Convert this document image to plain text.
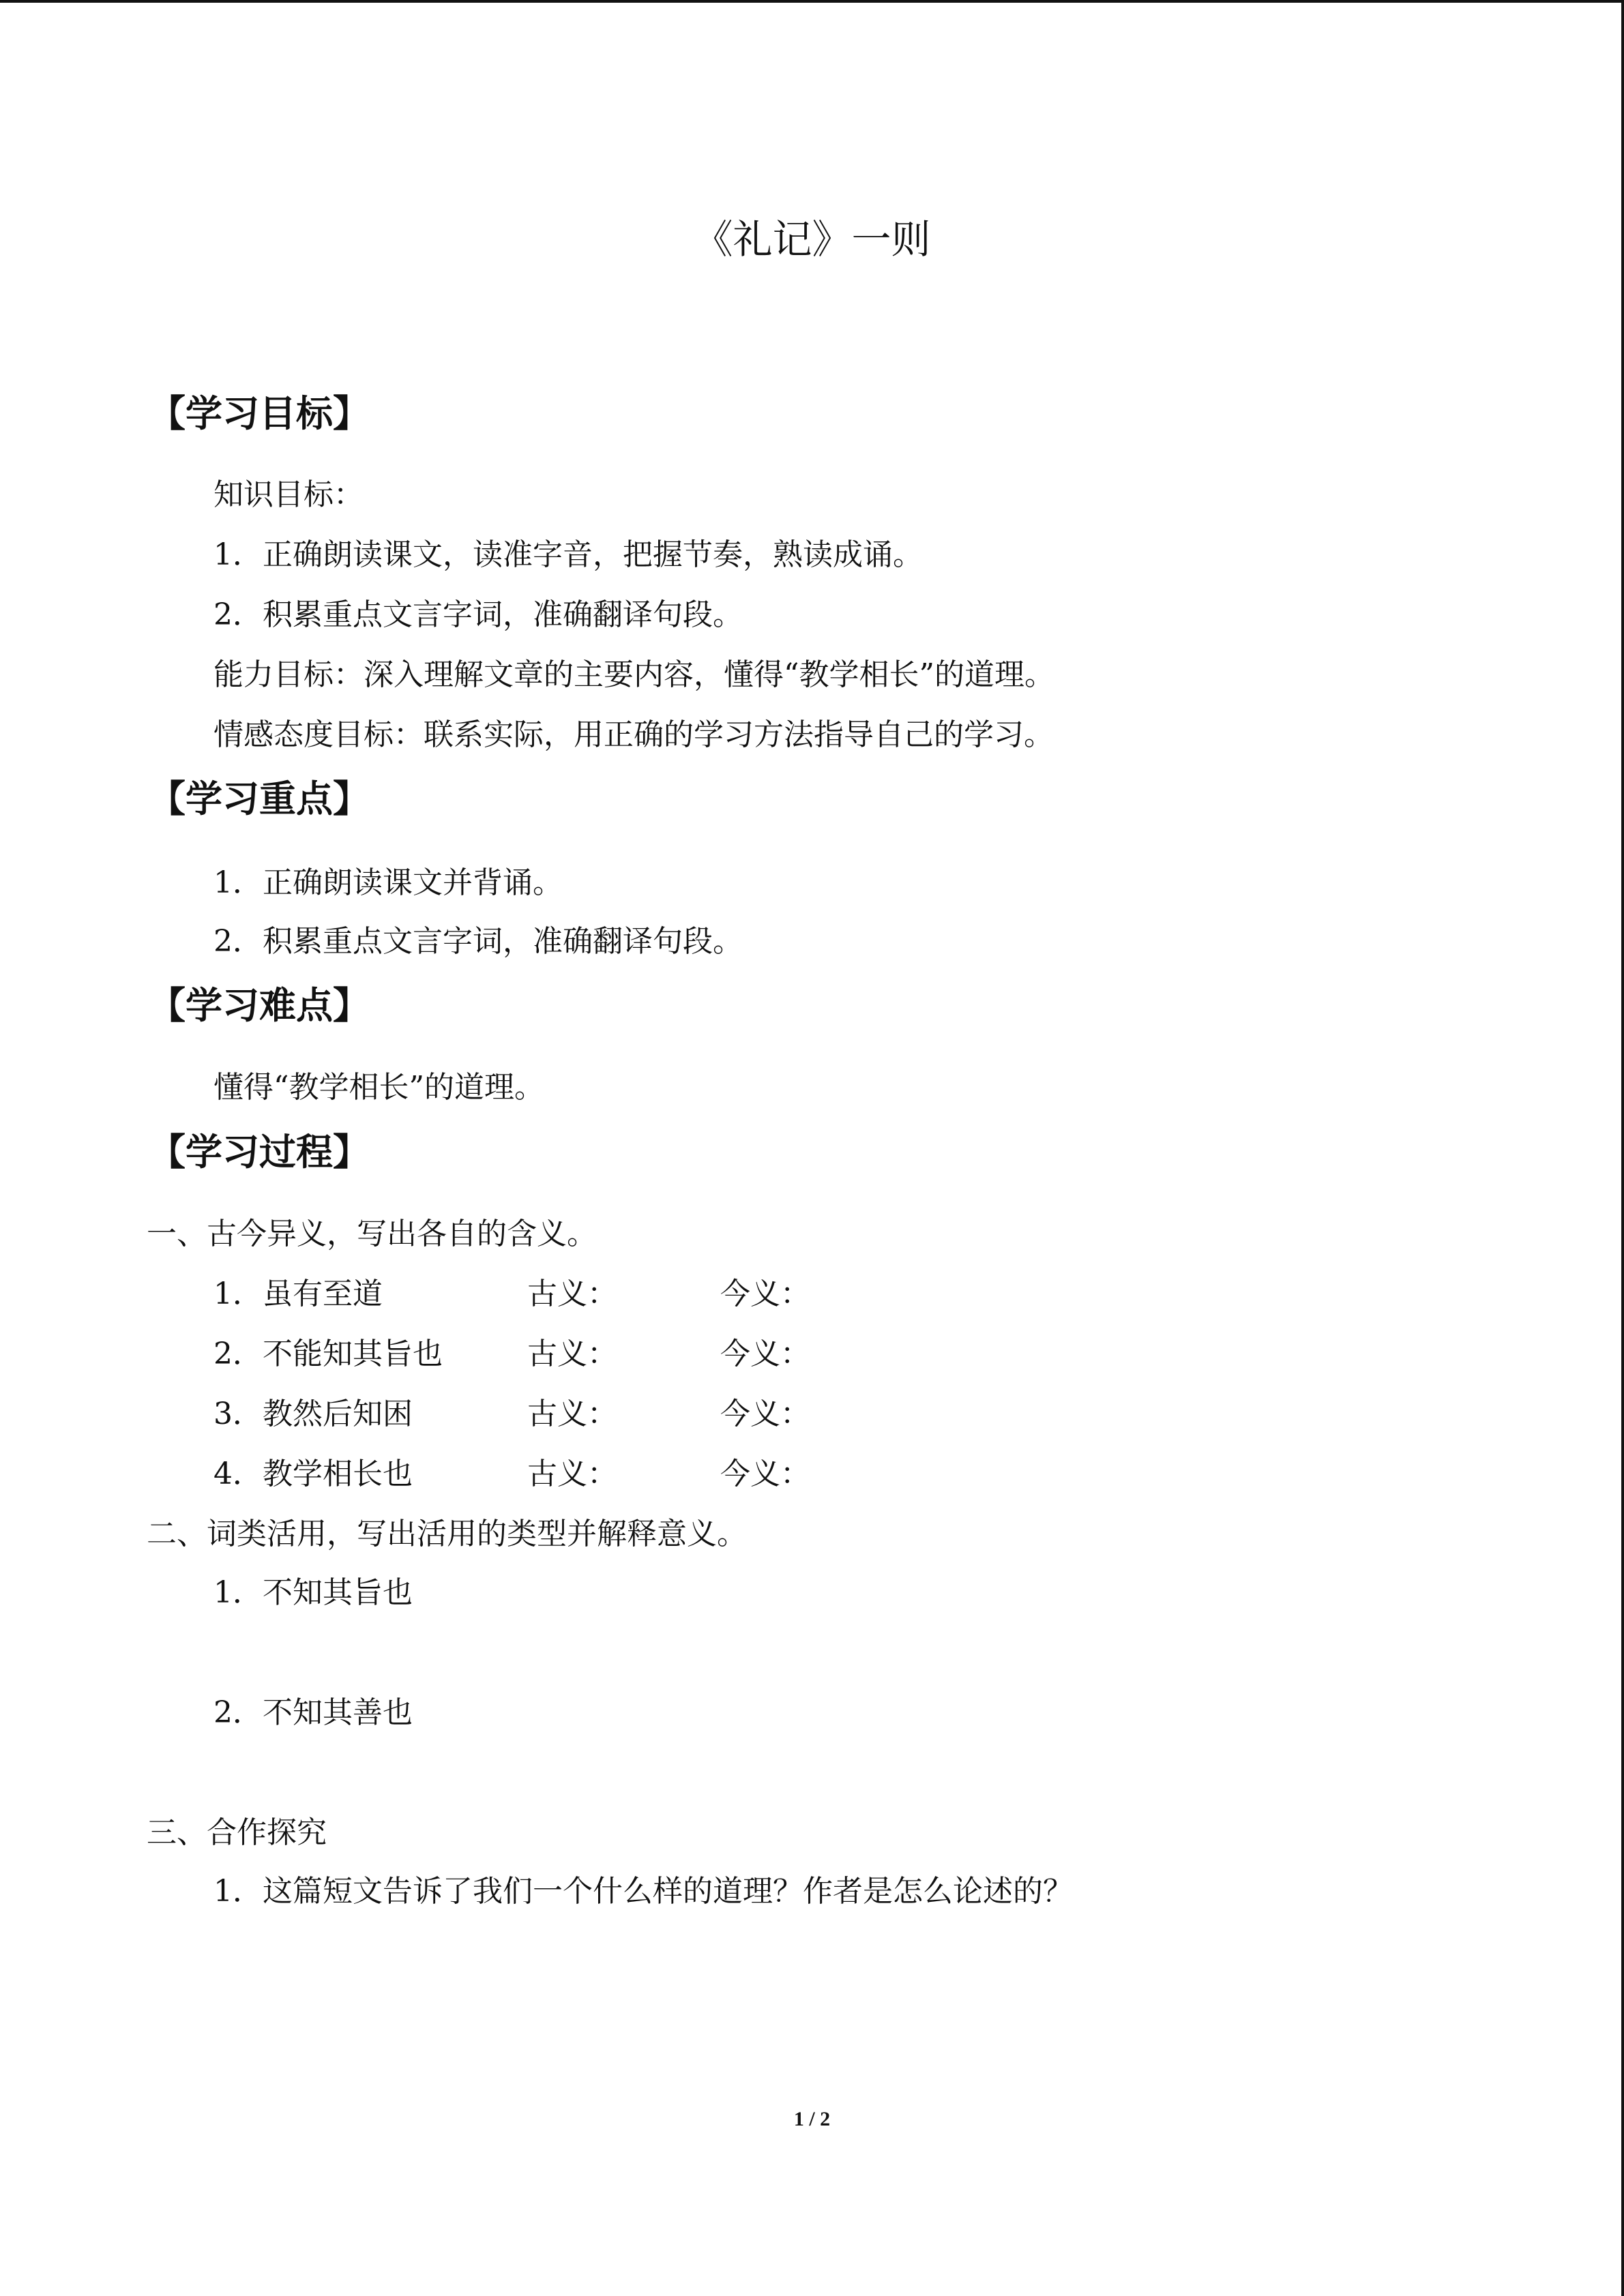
《礼记》一则
【学习目标】
知识目标：
1．正确朗读课文，读准字音，把握节奏，熟读成诵。
2．积累重点文言字词，准确翻译句段。
能力目标：深入理解文章的主要内容，懂得“教学相长”的道理。
情感态度目标：联系实际，用正确的学习方法指导自己的学习。
【学习重点】
1．正确朗读课文并背诵。
2．积累重点文言字词，准确翻译句段。
【学习难点】
懂得“教学相长”的道理。
【学习过程】
一、古今异义，写出各自的含义。
1．虽有至道	古义：	今义：
2．不能知其旨也	古义：	今义：
3．教然后知困	古义：	今义：
4．教学相长也	古义：	今义：
二、词类活用，写出活用的类型并解释意义。
1．不知其旨也
2．不知其善也
三、合作探究
1．这篇短文告诉了我们一个什么样的道理？作者是怎么论述的？
1 / 2
